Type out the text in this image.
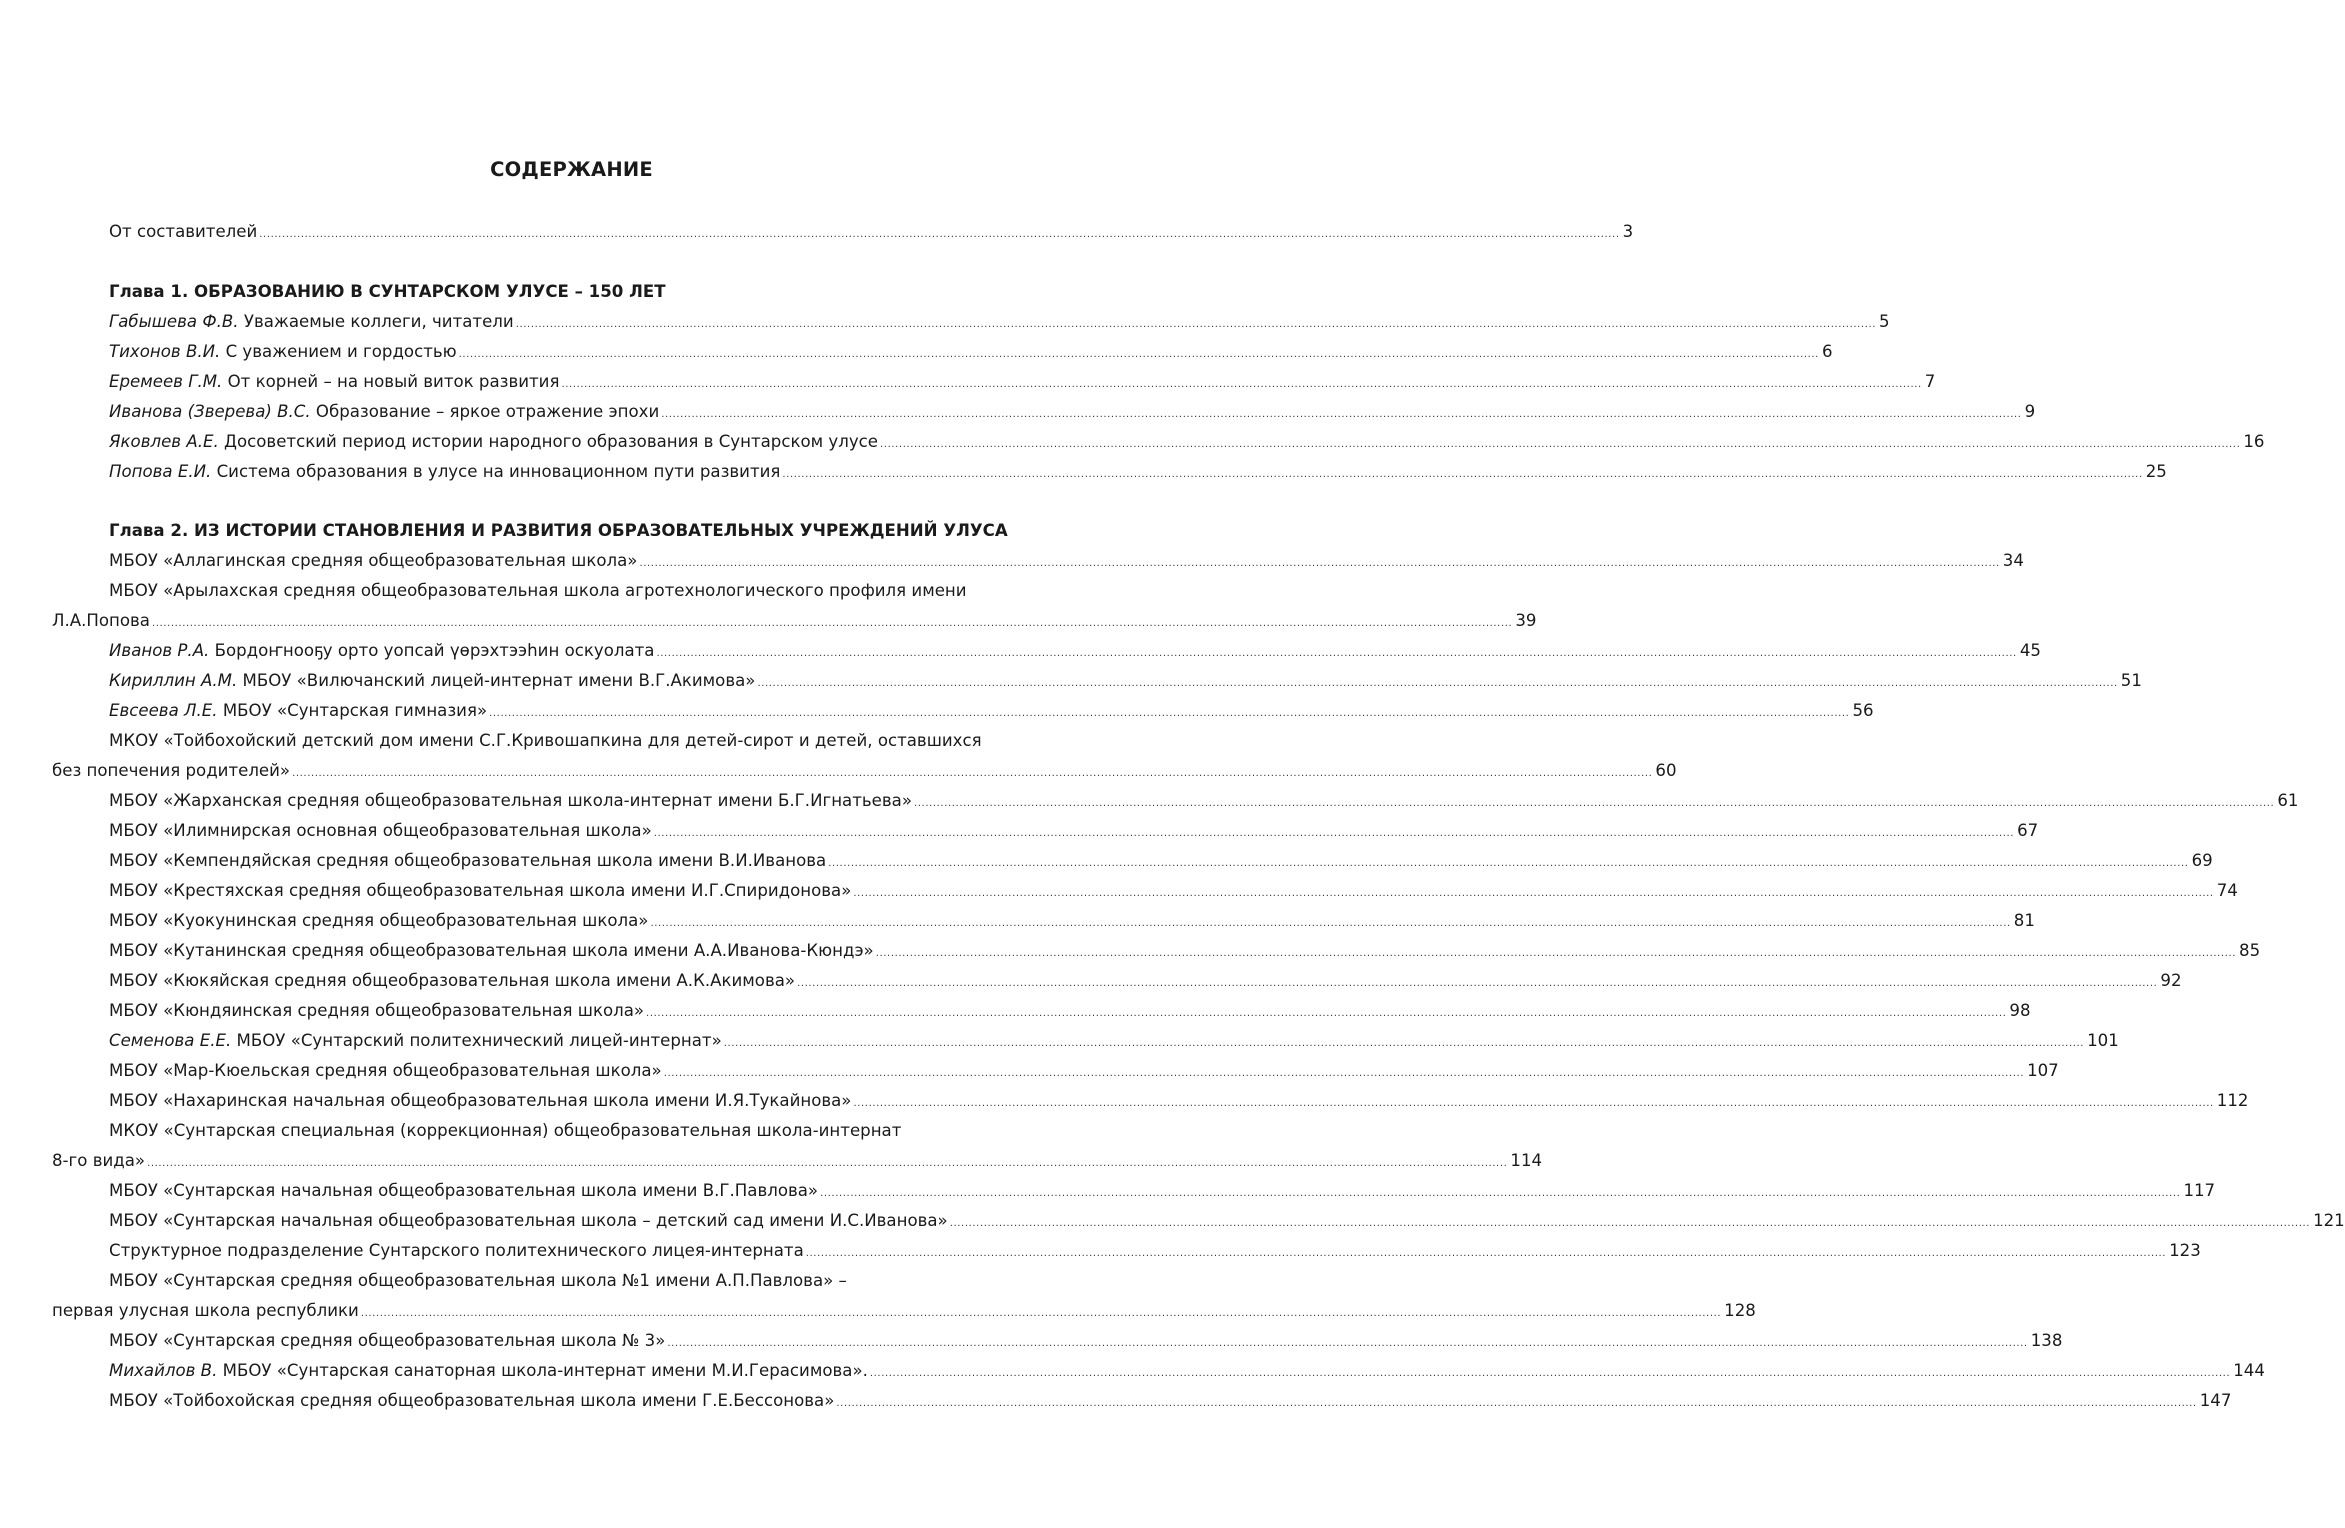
СОДЕРЖАНИЕ
От составителей .....	3
Глава 1. ОБРАЗОВАНИЮ В СУНТАРСКОМ УЛУСЕ – 150 ЛЕТ
Габышева Ф.В. Уважаемые коллеги, читатели .....	5
Тихонов В.И. С уважением и гордостью .....	6
Еремеев Г.М. От корней – на новый виток развития .....	7
Иванова (Зверева) В.С. Образование – яркое отражение эпохи .....	9
Яковлев А.Е. Досоветский период истории народного образования в Сунтарском улусе .....	16
Попова Е.И. Система образования в улусе на инновационном пути развития .....	25
Глава 2. ИЗ ИСТОРИИ СТАНОВЛЕНИЯ И РАЗВИТИЯ ОБРАЗОВАТЕЛЬНЫХ УЧРЕЖДЕНИЙ УЛУСА
МБОУ «Аллагинская средняя общеобразовательная школа» .....	34
МБОУ «Арылахская средняя общеобразовательная школа агротехнологического профиля имени
Л.А.Попова .....	39
Иванов Р.А. Бордоҥнооҕу орто уопсай үөрэхтээһин оскуолата .....	45
Кириллин А.М. МБОУ «Вилючанский лицей-интернат имени В.Г.Акимова» .....	51
Евсеева Л.Е. МБОУ «Сунтарская гимназия» .....	56
МКОУ «Тойбохойский детский дом имени С.Г.Кривошапкина для детей-сирот и детей, оставшихся
без попечения родителей» .....	60
МБОУ «Жарханская средняя общеобразовательная школа-интернат имени Б.Г.Игнатьева» .....	61
МБОУ «Илимнирская основная общеобразовательная школа» .....	67
МБОУ «Кемпендяйская средняя общеобразовательная школа имени В.И.Иванова .....	69
МБОУ «Крестяхская средняя общеобразовательная школа имени И.Г.Спиридонова» .....	74
МБОУ «Куокунинская средняя общеобразовательная школа» .....	81
МБОУ «Кутанинская средняя общеобразовательная школа имени А.А.Иванова-Кюндэ» .....	85
МБОУ «Кюкяйская средняя общеобразовательная школа имени А.К.Акимова» .....	92
МБОУ «Кюндяинская средняя общеобразовательная школа» .....	98
Семенова Е.Е. МБОУ «Сунтарский политехнический лицей-интернат» .....	101
МБОУ «Мар-Кюельская средняя общеобразовательная школа» .....	107
МБОУ «Нахаринская начальная общеобразовательная школа имени И.Я.Тукайнова» .....	112
МКОУ «Сунтарская специальная (коррекционная) общеобразовательная школа-интернат
8-го вида» .....	114
МБОУ «Сунтарская начальная общеобразовательная школа имени В.Г.Павлова» .....	117
МБОУ «Сунтарская начальная общеобразовательная школа – детский сад имени И.С.Иванова» .....	121
Структурное подразделение Сунтарского политехнического лицея-интерната .....	123
МБОУ «Сунтарская средняя общеобразовательная школа №1 имени А.П.Павлова» –
первая улусная школа республики .....	128
МБОУ «Сунтарская средняя общеобразовательная школа № 3» .....	138
Михайлов В. МБОУ «Сунтарская санаторная школа-интернат имени М.И.Герасимова». .....	144
МБОУ «Тойбохойская средняя общеобразовательная школа имени Г.Е.Бессонова» .....	147
